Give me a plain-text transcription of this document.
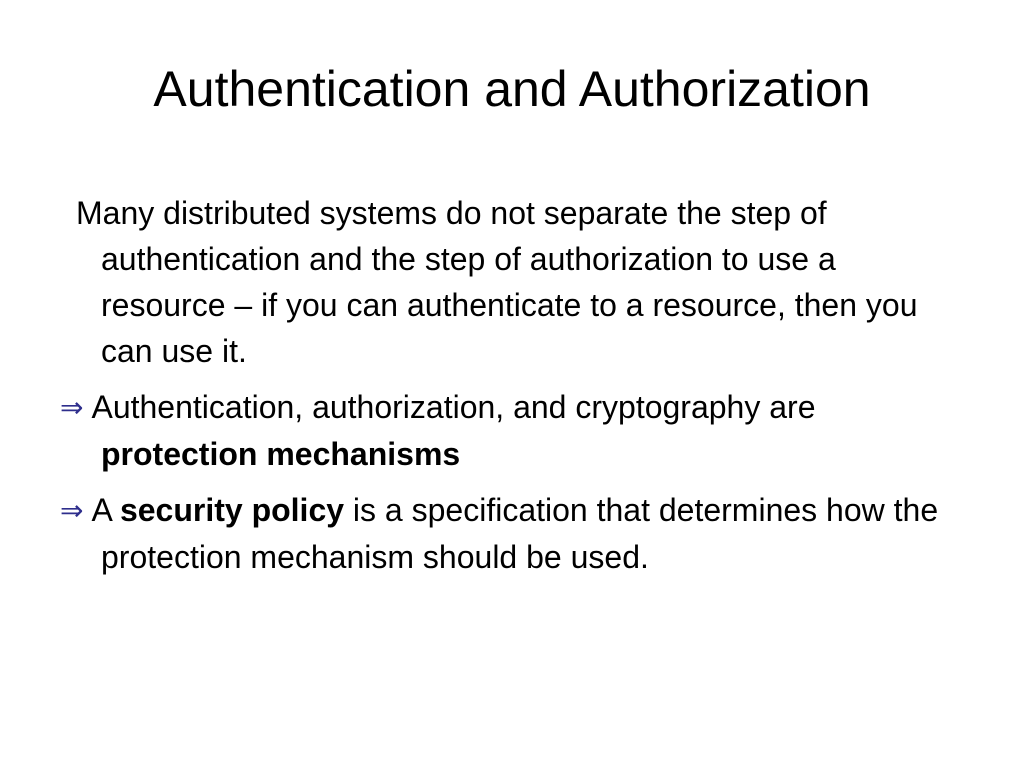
Authentication and Authorization

Many distributed systems do not separate the step of authentication and the step of authorization to use a resource – if you can authenticate to a resource, then you can use it.

⇒ Authentication, authorization, and cryptography are protection mechanisms

⇒ A security policy is a specification that determines how the protection mechanism should be used.
